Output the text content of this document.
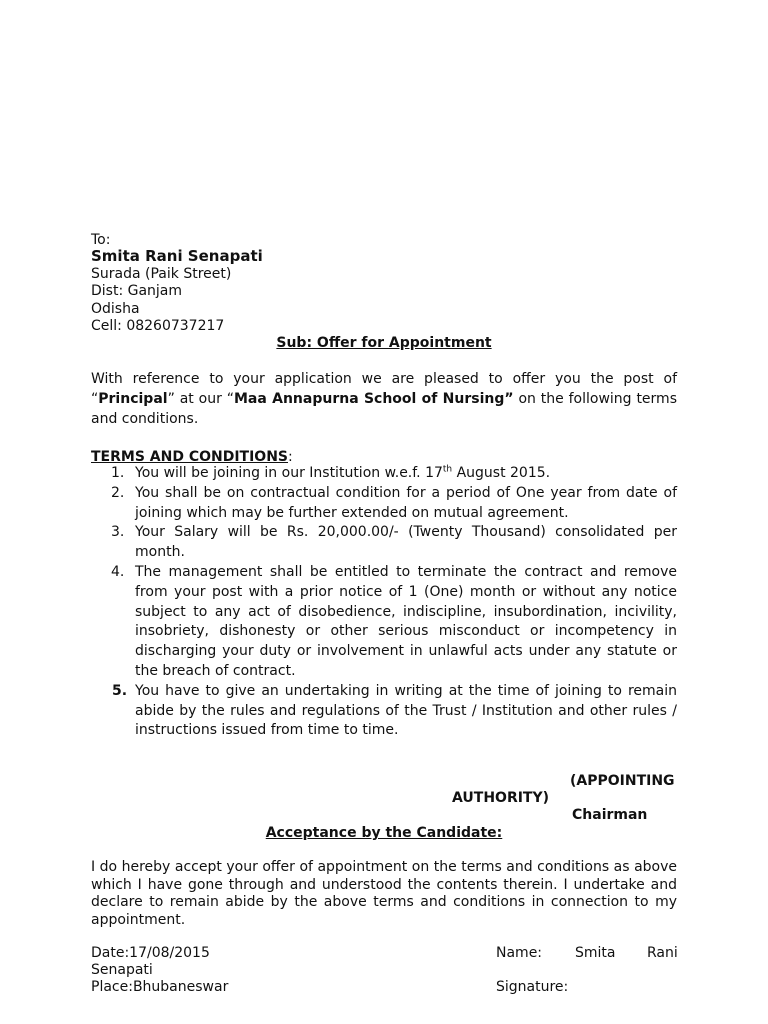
To:
Smita Rani Senapati
Surada (Paik Street)
Dist: Ganjam
Odisha
Cell: 08260737217
Sub: Offer for Appointment
With reference to your application we are pleased to offer you the post of “Principal” at our “Maa Annapurna School of Nursing” on the following terms and conditions.
TERMS AND CONDITIONS:
1. You will be joining in our Institution w.e.f. 17th August 2015.
2. You shall be on contractual condition for a period of One year from date of joining which may be further extended on mutual agreement.
3. Your Salary will be Rs. 20,000.00/- (Twenty Thousand) consolidated per month.
4. The management shall be entitled to terminate the contract and remove from your post with a prior notice of 1 (One) month or without any notice subject to any act of disobedience, indiscipline, insubordination, incivility, insobriety, dishonesty or other serious misconduct or incompetency in discharging your duty or involvement in unlawful acts under any statute or the breach of contract.
5. You have to give an undertaking in writing at the time of joining to remain abide by the rules and regulations of the Trust / Institution and other rules / instructions issued from time to time.
(APPOINTING
AUTHORITY)
Chairman
Acceptance by the Candidate:
I do hereby accept your offer of appointment on the terms and conditions as above which I have gone through and understood the contents therein. I undertake and declare to remain abide by the above terms and conditions in connection to my appointment.
Date:17/08/2015	Name: Smita Rani
Senapati
Place:Bhubaneswar	Signature:
